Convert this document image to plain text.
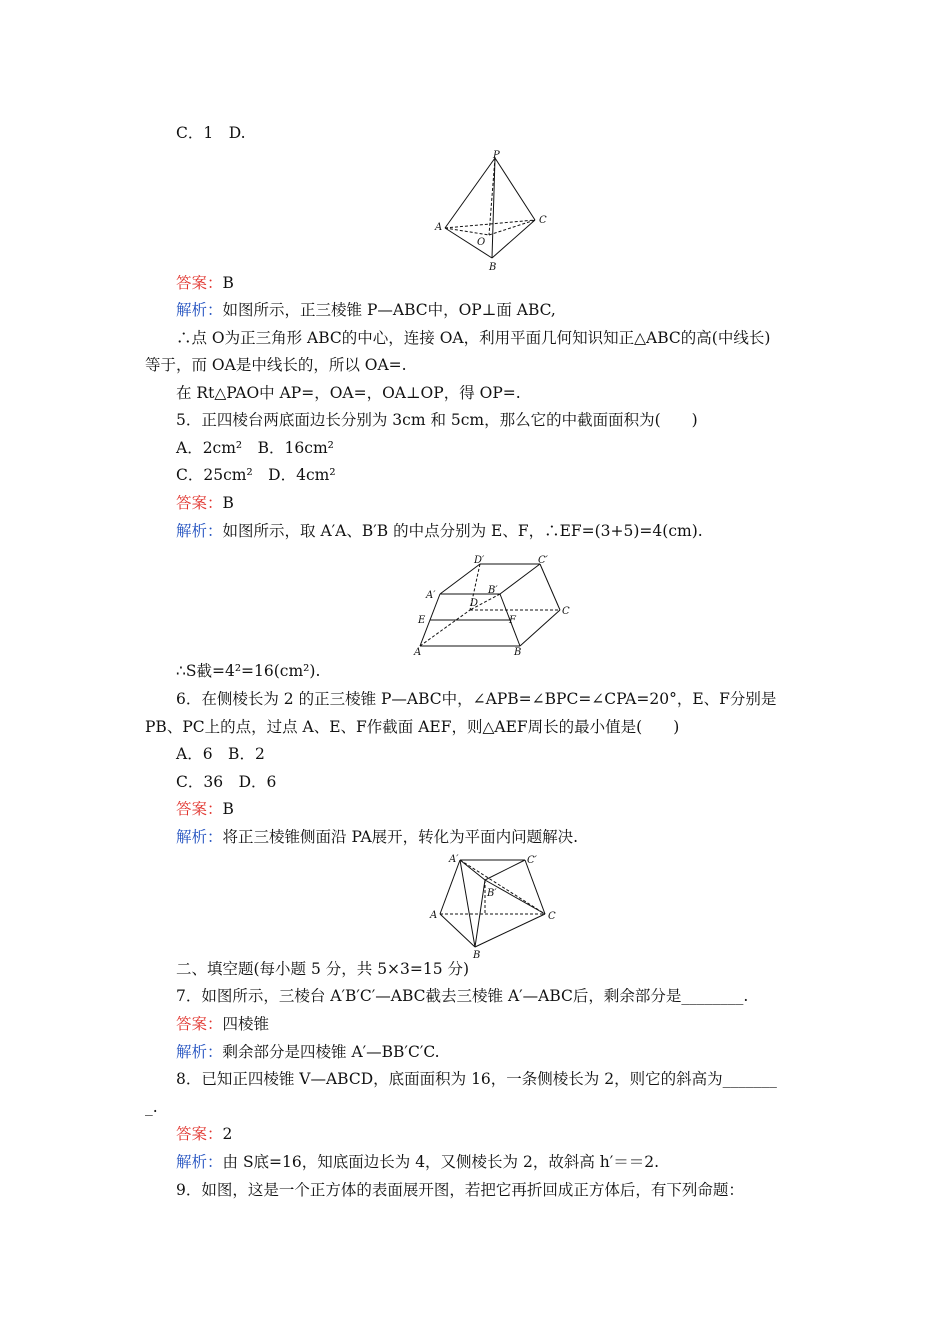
C．1　D.
P
A
C
O
B
答案：B
解析：如图所示，正三棱锥 P—ABC中，OP⊥面 ABC,
∴点 O为正三角形 ABC的中心，连接 OA，利用平面几何知识知正△ABC的高(中线长)
等于，而 OA是中线长的，所以 OA=.
在 Rt△PAO中 AP=，OA=，OA⊥OP，得 OP=.
5．正四棱台两底面边长分别为 3cm 和 5cm，那么它的中截面面积为(　　)
A．2cm²　B．16cm²
C．25cm²　D．4cm²
答案：B
解析：如图所示，取 A′A、B′B 的中点分别为 E、F，∴EF=(3+5)=4(cm).
D′	C′
A′	B′
D
E	F
C
A	B
∴S截=4²=16(cm²).
6．在侧棱长为 2 的正三棱锥 P—ABC中，∠APB=∠BPC=∠CPA=20°，E、F分别是
PB、PC上的点，过点 A、E、F作截面 AEF，则△AEF周长的最小值是(　　)
A．6　B．2
C．36　D．6
答案：B
解析：将正三棱锥侧面沿 PA展开，转化为平面内问题解决.
A′	C′
B′
A	C
B
二、填空题(每小题 5 分，共 5×3=15 分)
7．如图所示，三棱台 A′B′C′—ABC截去三棱锥 A′—ABC后，剩余部分是________.
答案：四棱锥
解析：剩余部分是四棱锥 A′—BB′C′C.
8．已知正四棱锥 V—ABCD，底面面积为 16，一条侧棱长为 2，则它的斜高为_______
_.
答案：2
解析：由 S底=16，知底面边长为 4，又侧棱长为 2，故斜高 h′＝＝2.
9．如图，这是一个正方体的表面展开图，若把它再折回成正方体后，有下列命题：
